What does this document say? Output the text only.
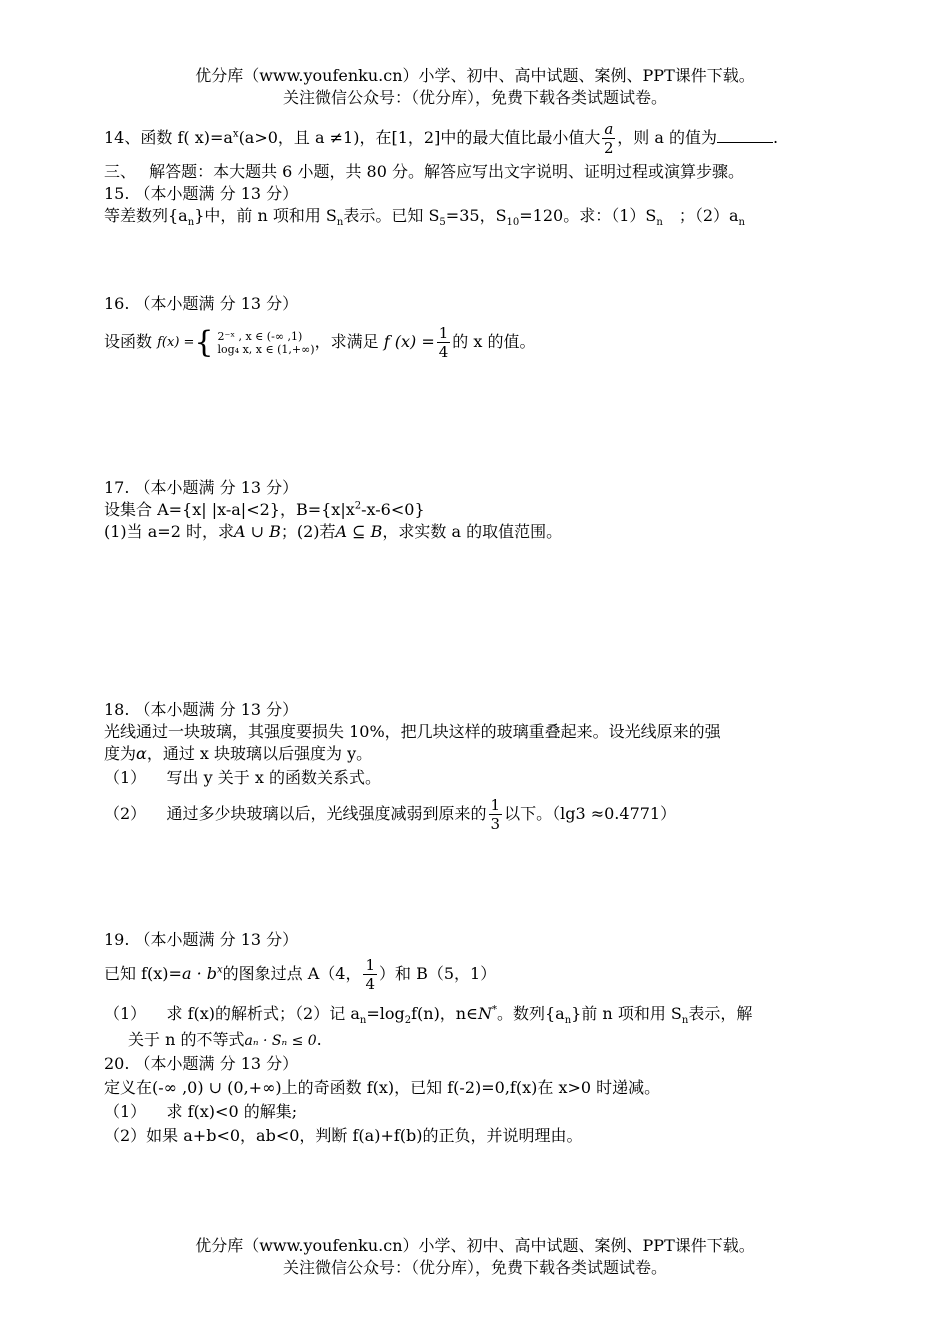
优分库（www.youfenku.cn）小学、初中、高中试题、案例、PPT课件下载。
关注微信公众号：（优分库），免费下载各类试题试卷。
14、函数 f( $x)=a^x(a>0$，且 a ≠1)，在[1，2]中的最大值比最小值大 $\frac{a}{2}$ ，则 a 的值为	.
三、　 解答题：本大题共 6 小题，共 80 分。解答应写出文字说明、证明过程或演算步骤。
15. （本小题满 分 13 分）
等差数列$\{a_n\}$中，前 n 项和用 $S_n$表示。已知 $S_5=35$，$S_{10}=120$。求：$(1)S_n$　；$(2)a_n$
16. （本小题满 分 13 分）
设函数 f(x) = { 2⁻ˣ , x ∈ (-∞ ,1)
log₄ x, x ∈ (1,+∞) ，求满足 f $(x) = \frac{1}{4}$ 的 x 的值。
17. （本小题满 分 13 分）
设集合 A={x| |x-a|<2}，$B=\{x|x^2-x-6<0\}$
(1)当 a=2 时，求A ∪ B；(2)若A ⊆ B，求实数 a 的取值范围。
18. （本小题满 分 13 分）
光线通过一块玻璃，其强度要损失 10%，把几块这样的玻璃重叠起来。设光线原来的强
度为α，通过 x 块玻璃以后强度为 y。
（1） 写出 y 关于 x 的函数关系式。
（2） 通过多少块玻璃以后，光线强度减弱到原来的 $\frac{1}{3}$ 以下。（lg3 ≈0.4771）
19. （本小题满 分 13 分）
已知 $f(x)=a \cdot b^x$的图象过点 A（4， $\frac{1}{4}$ ）和 B（5，1）
（1） 求 f(x)的解析式；（2）记 $a_n=\log_2f(n)$，n∈N*。数列$\{a_n\}$前 n 项和用 $S_n$表示，解
关于 n 的不等式aₙ · Sₙ ≤ 0.
20. （本小题满 分 13 分）
定义在(-∞ ,0) ∪ (0,+∞)上的奇函数 f(x)，已知 f(-2)=0,f(x)在 x>0 时递减。
（1） 求 f(x)<0 的解集;
（2）如果 a+b<0，ab<0，判断 f(a)+f(b)的正负，并说明理由。
优分库（www.youfenku.cn）小学、初中、高中试题、案例、PPT课件下载。
关注微信公众号：（优分库），免费下载各类试题试卷。
